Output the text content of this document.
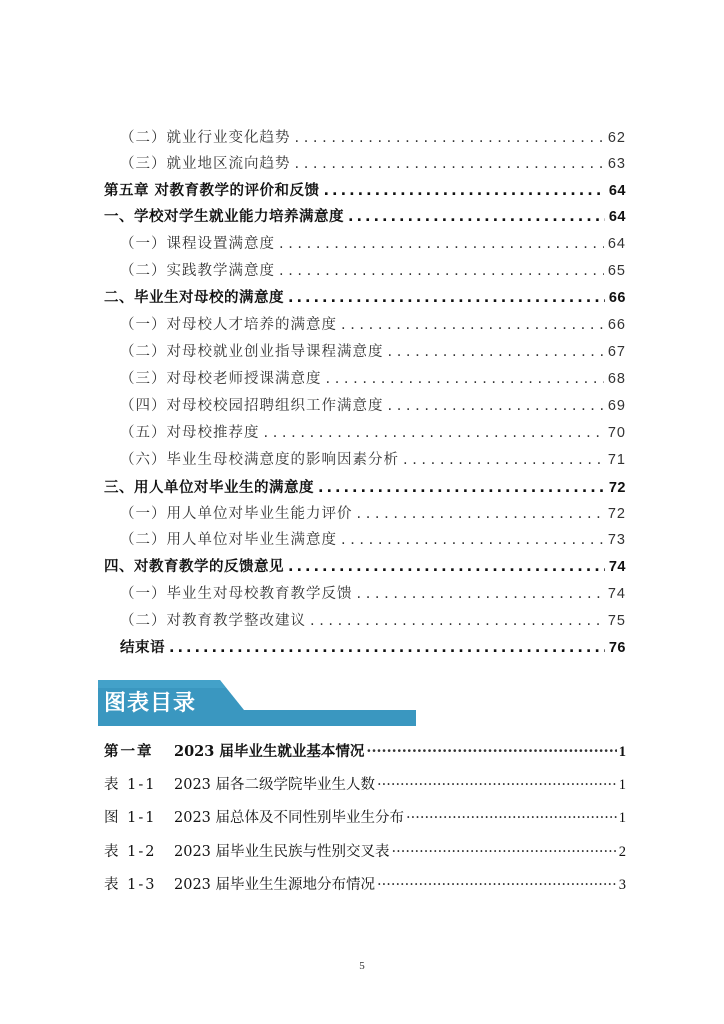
（二）就业行业变化趋势 . . .	62
（三）就业地区流向趋势 . . .	63
第五章 对教育教学的评价和反馈 .....	64
一、学校对学生就业能力培养满意度 .....	64
（一）课程设置满意度 . . .	64
（二）实践教学满意度 . . .	65
二、毕业生对母校的满意度 .....	66
（一）对母校人才培养的满意度 . . .	66
（二）对母校就业创业指导课程满意度 . . .	67
（三）对母校老师授课满意度 . . .	68
（四）对母校校园招聘组织工作满意度 . . .	69
（五）对母校推荐度 . . .	70
（六）毕业生母校满意度的影响因素分析 . . .	71
三、用人单位对毕业生的满意度 .....	72
（一）用人单位对毕业生能力评价 . . .	72
（二）用人单位对毕业生满意度 . . .	73
四、对教育教学的反馈意见 .....	74
（一）毕业生对母校教育教学反馈 . . .	74
（二）对教育教学整改建议 . . .	75
结束语 .....	76
图表目录
第一章	2023 届毕业生就业基本情况 ·····	1
表 1-1	2023 届各二级学院毕业生人数 ·····	1
图 1-1	2023 届总体及不同性别毕业生分布 ·····	1
表 1-2	2023 届毕业生民族与性别交叉表 ·····	2
表 1-3	2023 届毕业生生源地分布情况 ·····	3
5
